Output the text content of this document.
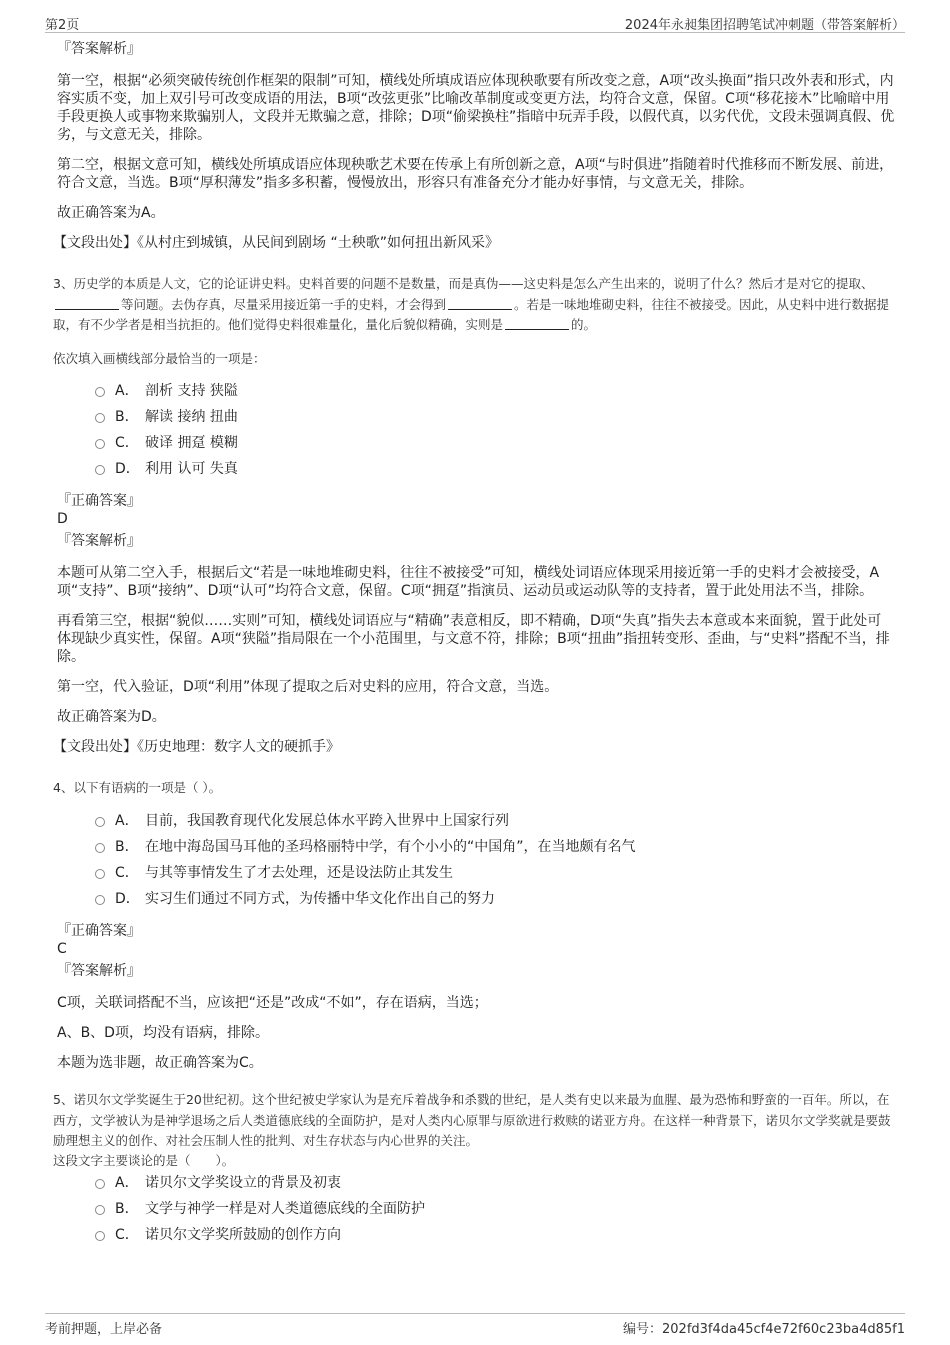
第2页	2024年永昶集团招聘笔试冲刺题（带答案解析）
『答案解析』

第一空，根据“必须突破传统创作框架的限制”可知，横线处所填成语应体现秧歌要有所改变之意，A项“改头换面”指只改外表和形式，内容实质不变，加上双引号可改变成语的用法，B项“改弦更张”比喻改革制度或变更方法，均符合文意，保留。C项“移花接木”比喻暗中用手段更换人或事物来欺骗别人，文段并无欺骗之意，排除；D项“偷梁换柱”指暗中玩弄手段，以假代真，以劣代优，文段未强调真假、优劣，与文意无关，排除。

第二空，根据文意可知，横线处所填成语应体现秧歌艺术要在传承上有所创新之意，A项“与时俱进”指随着时代推移而不断发展、前进，符合文意，当选。B项“厚积薄发”指多多积蓄，慢慢放出，形容只有准备充分才能办好事情，与文意无关，排除。

故正确答案为A。

【文段出处】《从村庄到城镇，从民间到剧场 “土秧歌”如何扭出新风采》
3、历史学的本质是人文，它的论证讲史料。史料首要的问题不是数量，而是真伪——这史料是怎么产生出来的，说明了什么？然后才是对它的提取、等问题。去伪存真，尽量采用接近第一手的史料，才会得到	。若是一味地堆砌史料，往往不被接受。因此，从史料中进行数据提取，有不少学者是相当抗拒的。他们觉得史料很难量化，量化后貌似精确，实则是	的。
依次填入画横线部分最恰当的一项是：
A． 剖析 支持 狭隘
B． 解读 接纳 扭曲
C． 破译 拥趸 模糊
D． 利用 认可 失真
『正确答案』
D
『答案解析』

本题可从第二空入手，根据后文“若是一味地堆砌史料，往往不被接受”可知，横线处词语应体现采用接近第一手的史料才会被接受，A项“支持”、B项“接纳”、D项“认可”均符合文意，保留。C项“拥趸”指演员、运动员或运动队等的支持者，置于此处用法不当，排除。

再看第三空，根据“貌似……实则”可知，横线处词语应与“精确”表意相反，即不精确，D项“失真”指失去本意或本来面貌，置于此处可体现缺少真实性，保留。A项“狭隘”指局限在一个小范围里，与文意不符，排除；B项“扭曲”指扭转变形、歪曲，与“史料”搭配不当，排除。

第一空，代入验证，D项“利用”体现了提取之后对史料的应用，符合文意，当选。

故正确答案为D。

【文段出处】《历史地理：数字人文的硬抓手》
4、以下有语病的一项是（ ）。
A． 目前，我国教育现代化发展总体水平跨入世界中上国家行列
B． 在地中海岛国马耳他的圣玛格丽特中学，有个小小的“中国角”，在当地颇有名气
C． 与其等事情发生了才去处理，还是设法防止其发生
D． 实习生们通过不同方式，为传播中华文化作出自己的努力
『正确答案』
C
『答案解析』

C项，关联词搭配不当，应该把“还是”改成“不如”，存在语病，当选；

A、B、D项，均没有语病，排除。

本题为选非题，故正确答案为C。

5、诺贝尔文学奖诞生于20世纪初。这个世纪被史学家认为是充斥着战争和杀戮的世纪，是人类有史以来最为血腥、最为恐怖和野蛮的一百年。所以，在西方，文学被认为是神学退场之后人类道德底线的全面防护，是对人类内心原罪与原欲进行救赎的诺亚方舟。在这样一种背景下，诺贝尔文学奖就是要鼓励理想主义的创作、对社会压制人性的批判、对生存状态与内心世界的关注。
这段文字主要谈论的是（　　）。
A． 诺贝尔文学奖设立的背景及初衷
B． 文学与神学一样是对人类道德底线的全面防护
C． 诺贝尔文学奖所鼓励的创作方向
考前押题，上岸必备	编号：202fd3f4da45cf4e72f60c23ba4d85f1
